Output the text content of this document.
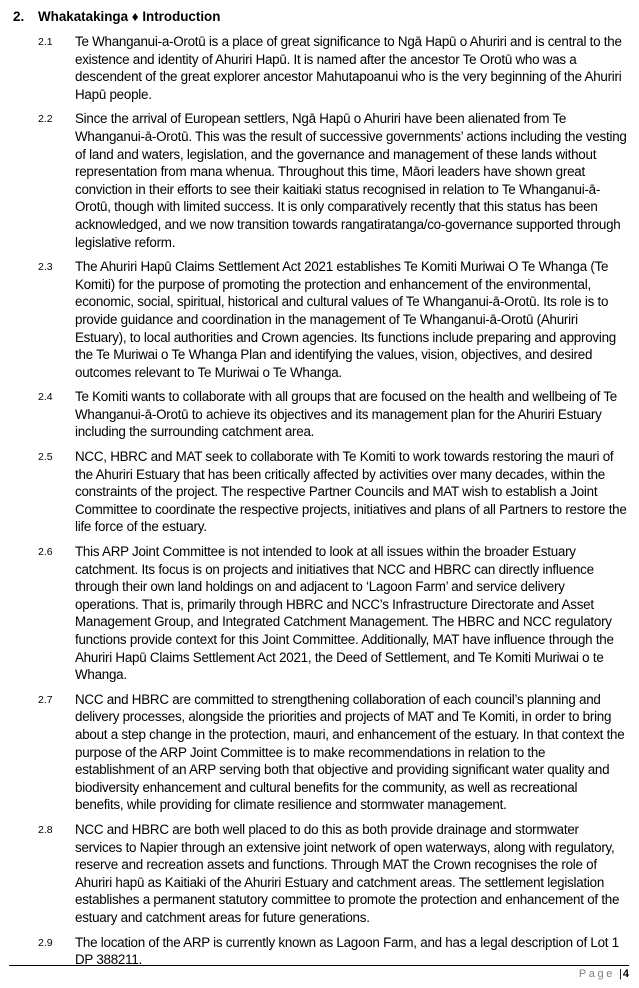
2. Whakatakinga ♦ Introduction
2.1 Te Whanganui-a-Orotū is a place of great significance to Ngā Hapū o Ahuriri and is central to the existence and identity of Ahuriri Hapū. It is named after the ancestor Te Orotū who was a descendent of the great explorer ancestor Mahutapoanui who is the very beginning of the Ahuriri Hapū people.
2.2 Since the arrival of European settlers, Ngā Hapū o Ahuriri have been alienated from Te Whanganui-ā-Orotū. This was the result of successive governments’ actions including the vesting of land and waters, legislation, and the governance and management of these lands without representation from mana whenua. Throughout this time, Māori leaders have shown great conviction in their efforts to see their kaitiaki status recognised in relation to Te Whanganui-ā-Orotū, though with limited success. It is only comparatively recently that this status has been acknowledged, and we now transition towards rangatiratanga/co-governance supported through legislative reform.
2.3 The Ahuriri Hapū Claims Settlement Act 2021 establishes Te Komiti Muriwai O Te Whanga (Te Komiti) for the purpose of promoting the protection and enhancement of the environmental, economic, social, spiritual, historical and cultural values of Te Whanganui-ā-Orotū. Its role is to provide guidance and coordination in the management of Te Whanganui-ā-Orotū (Ahuriri Estuary), to local authorities and Crown agencies. Its functions include preparing and approving the Te Muriwai o Te Whanga Plan and identifying the values, vision, objectives, and desired outcomes relevant to Te Muriwai o Te Whanga.
2.4 Te Komiti wants to collaborate with all groups that are focused on the health and wellbeing of Te Whanganui-ā-Orotū to achieve its objectives and its management plan for the Ahuriri Estuary including the surrounding catchment area.
2.5 NCC, HBRC and MAT seek to collaborate with Te Komiti to work towards restoring the mauri of the Ahuriri Estuary that has been critically affected by activities over many decades, within the constraints of the project. The respective Partner Councils and MAT wish to establish a Joint Committee to coordinate the respective projects, initiatives and plans of all Partners to restore the life force of the estuary.
2.6 This ARP Joint Committee is not intended to look at all issues within the broader Estuary catchment. Its focus is on projects and initiatives that NCC and HBRC can directly influence through their own land holdings on and adjacent to ‘Lagoon Farm’ and service delivery operations. That is, primarily through HBRC and NCC’s Infrastructure Directorate and Asset Management Group, and Integrated Catchment Management. The HBRC and NCC regulatory functions provide context for this Joint Committee. Additionally, MAT have influence through the Ahuriri Hapū Claims Settlement Act 2021, the Deed of Settlement, and Te Komiti Muriwai o te Whanga.
2.7 NCC and HBRC are committed to strengthening collaboration of each council’s planning and delivery processes, alongside the priorities and projects of MAT and Te Komiti, in order to bring about a step change in the protection, mauri, and enhancement of the estuary. In that context the purpose of the ARP Joint Committee is to make recommendations in relation to the establishment of an ARP serving both that objective and providing significant water quality and biodiversity enhancement and cultural benefits for the community, as well as recreational benefits, while providing for climate resilience and stormwater management.
2.8 NCC and HBRC are both well placed to do this as both provide drainage and stormwater services to Napier through an extensive joint network of open waterways, along with regulatory, reserve and recreation assets and functions. Through MAT the Crown recognises the role of Ahuriri hapū as Kaitiaki of the Ahuriri Estuary and catchment areas. The settlement legislation establishes a permanent statutory committee to promote the protection and enhancement of the estuary and catchment areas for future generations.
2.9 The location of the ARP is currently known as Lagoon Farm, and has a legal description of Lot 1 DP 388211.
Page |4
